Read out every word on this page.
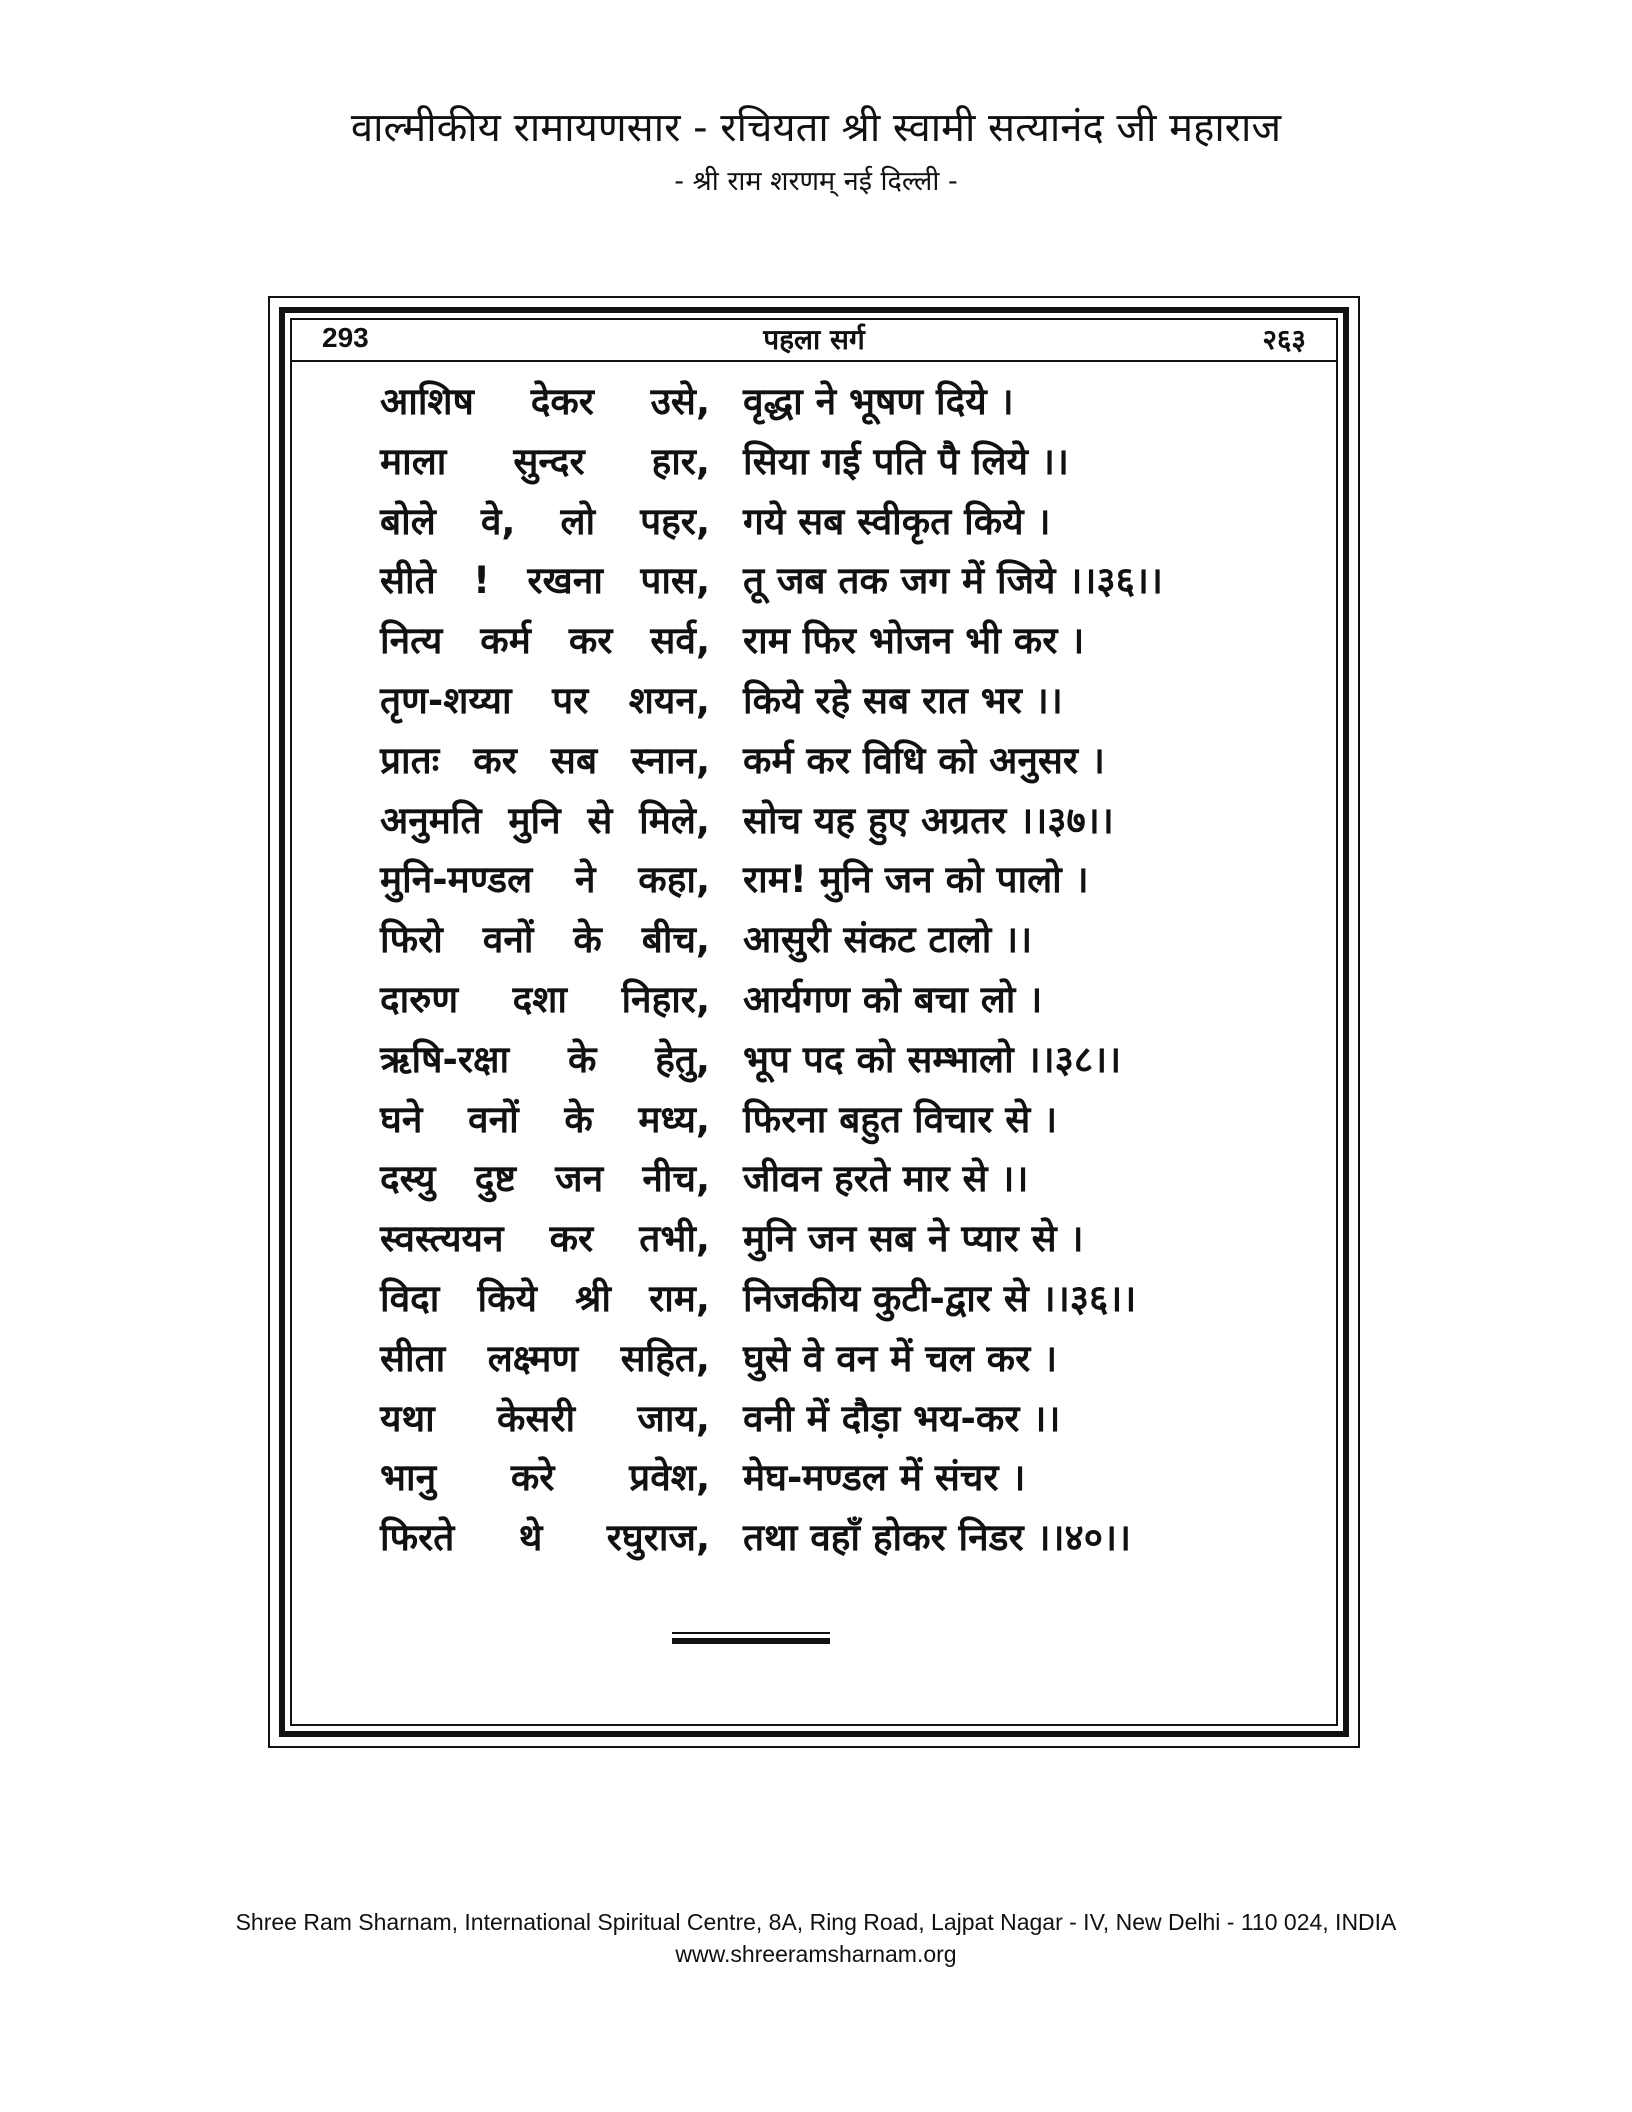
वाल्मीकीय रामायणसार - रचियता श्री स्वामी सत्यानंद जी महाराज
- श्री राम शरणम् नई दिल्ली -
293	पहला सर्ग	२६३
आशिष देकर उसे, वृद्धा ने भूषण दिये ।
माला सुन्दर हार, सिया गई पति पै लिये ।।
बोले वे, लो पहर, गये सब स्वीकृत किये ।
सीते ! रखना पास, तू जब तक जग में जिये ।।३६।।
नित्य कर्म कर सर्व, राम फिर भोजन भी कर ।
तृण-शय्या पर शयन, किये रहे सब रात भर ।।
प्रातः कर सब स्नान, कर्म कर विधि को अनुसर ।
अनुमति मुनि से मिले, सोच यह हुए अग्रतर ।।३७।।
मुनि-मण्डल ने कहा, राम! मुनि जन को पालो ।
फिरो वनों के बीच, आसुरी संकट टालो ।।
दारुण दशा निहार, आर्यगण को बचा लो ।
ऋषि-रक्षा के हेतु, भूप पद को सम्भालो ।।३८।।
घने वनों के मध्य, फिरना बहुत विचार से ।
दस्यु दुष्ट जन नीच, जीवन हरते मार से ।।
स्वस्त्ययन कर तभी, मुनि जन सब ने प्यार से ।
विदा किये श्री राम, निजकीय कुटी-द्वार से ।।३६।।
सीता लक्ष्मण सहित, घुसे वे वन में चल कर ।
यथा केसरी जाय, वनी में दौड़ा भय-कर ।।
भानु करे प्रवेश, मेघ-मण्डल में संचर ।
फिरते थे रघुराज, तथा वहाँ होकर निडर ।।४०।।
Shree Ram Sharnam, International Spiritual Centre, 8A, Ring Road, Lajpat Nagar - IV, New Delhi - 110 024, INDIA
www.shreeramsharnam.org
